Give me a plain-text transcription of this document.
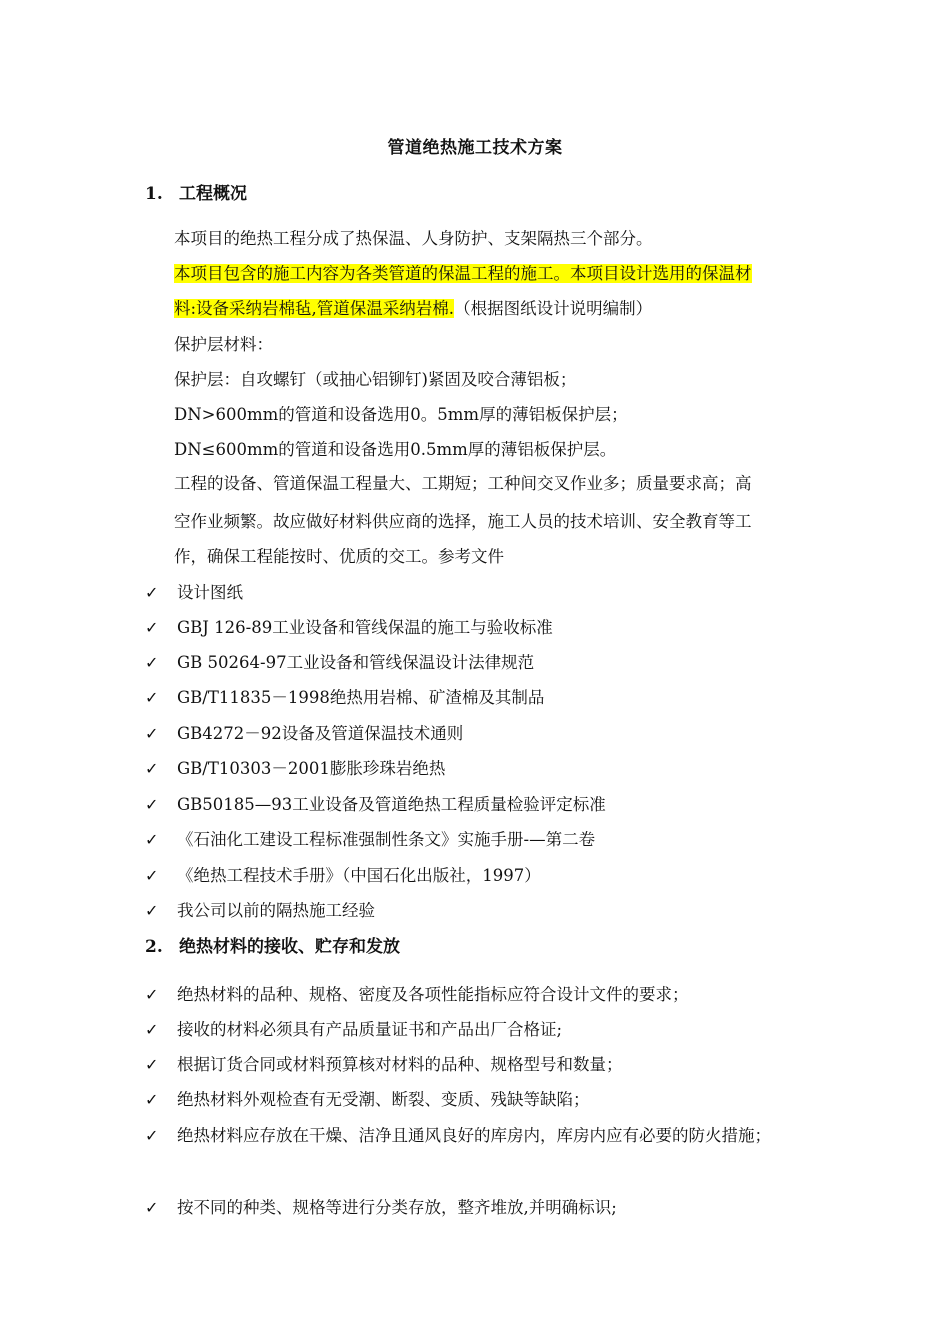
管道绝热施工技术方案
1. 工程概况
本项目的绝热工程分成了热保温、人身防护、支架隔热三个部分。
本项目包含的施工内容为各类管道的保温工程的施工。本项目设计选用的保温材
料:设备采纳岩棉毡,管道保温采纳岩棉.（根据图纸设计说明编制）
保护层材料：
保护层：自攻螺钉（或抽心铝铆钉)紧固及咬合薄铝板；
DN>600mm的管道和设备选用0。5mm厚的薄铝板保护层；
DN≤600mm的管道和设备选用0.5mm厚的薄铝板保护层。
工程的设备、管道保温工程量大、工期短；工种间交叉作业多；质量要求高；高
空作业频繁。故应做好材料供应商的选择，施工人员的技术培训、安全教育等工
作，确保工程能按时、优质的交工。参考文件
✓ 设计图纸
✓ GBJ 126-89工业设备和管线保温的施工与验收标准
✓ GB 50264-97工业设备和管线保温设计法律规范
✓ GB/T11835－1998绝热用岩棉、矿渣棉及其制品
✓ GB4272－92设备及管道保温技术通则
✓ GB/T10303－2001膨胀珍珠岩绝热
✓ GB50185—93工业设备及管道绝热工程质量检验评定标准
✓ 《石油化工建设工程标准强制性条文》实施手册-—第二卷
✓ 《绝热工程技术手册》（中国石化出版社，1997）
✓ 我公司以前的隔热施工经验
2. 绝热材料的接收、贮存和发放
✓ 绝热材料的品种、规格、密度及各项性能指标应符合设计文件的要求；
✓ 接收的材料必须具有产品质量证书和产品出厂合格证;
✓ 根据订货合同或材料预算核对材料的品种、规格型号和数量；
✓ 绝热材料外观检查有无受潮、断裂、变质、残缺等缺陷；
✓ 绝热材料应存放在干燥、洁净且通风良好的库房内，库房内应有必要的防火措施；
✓ 按不同的种类、规格等进行分类存放，整齐堆放,并明确标识;
